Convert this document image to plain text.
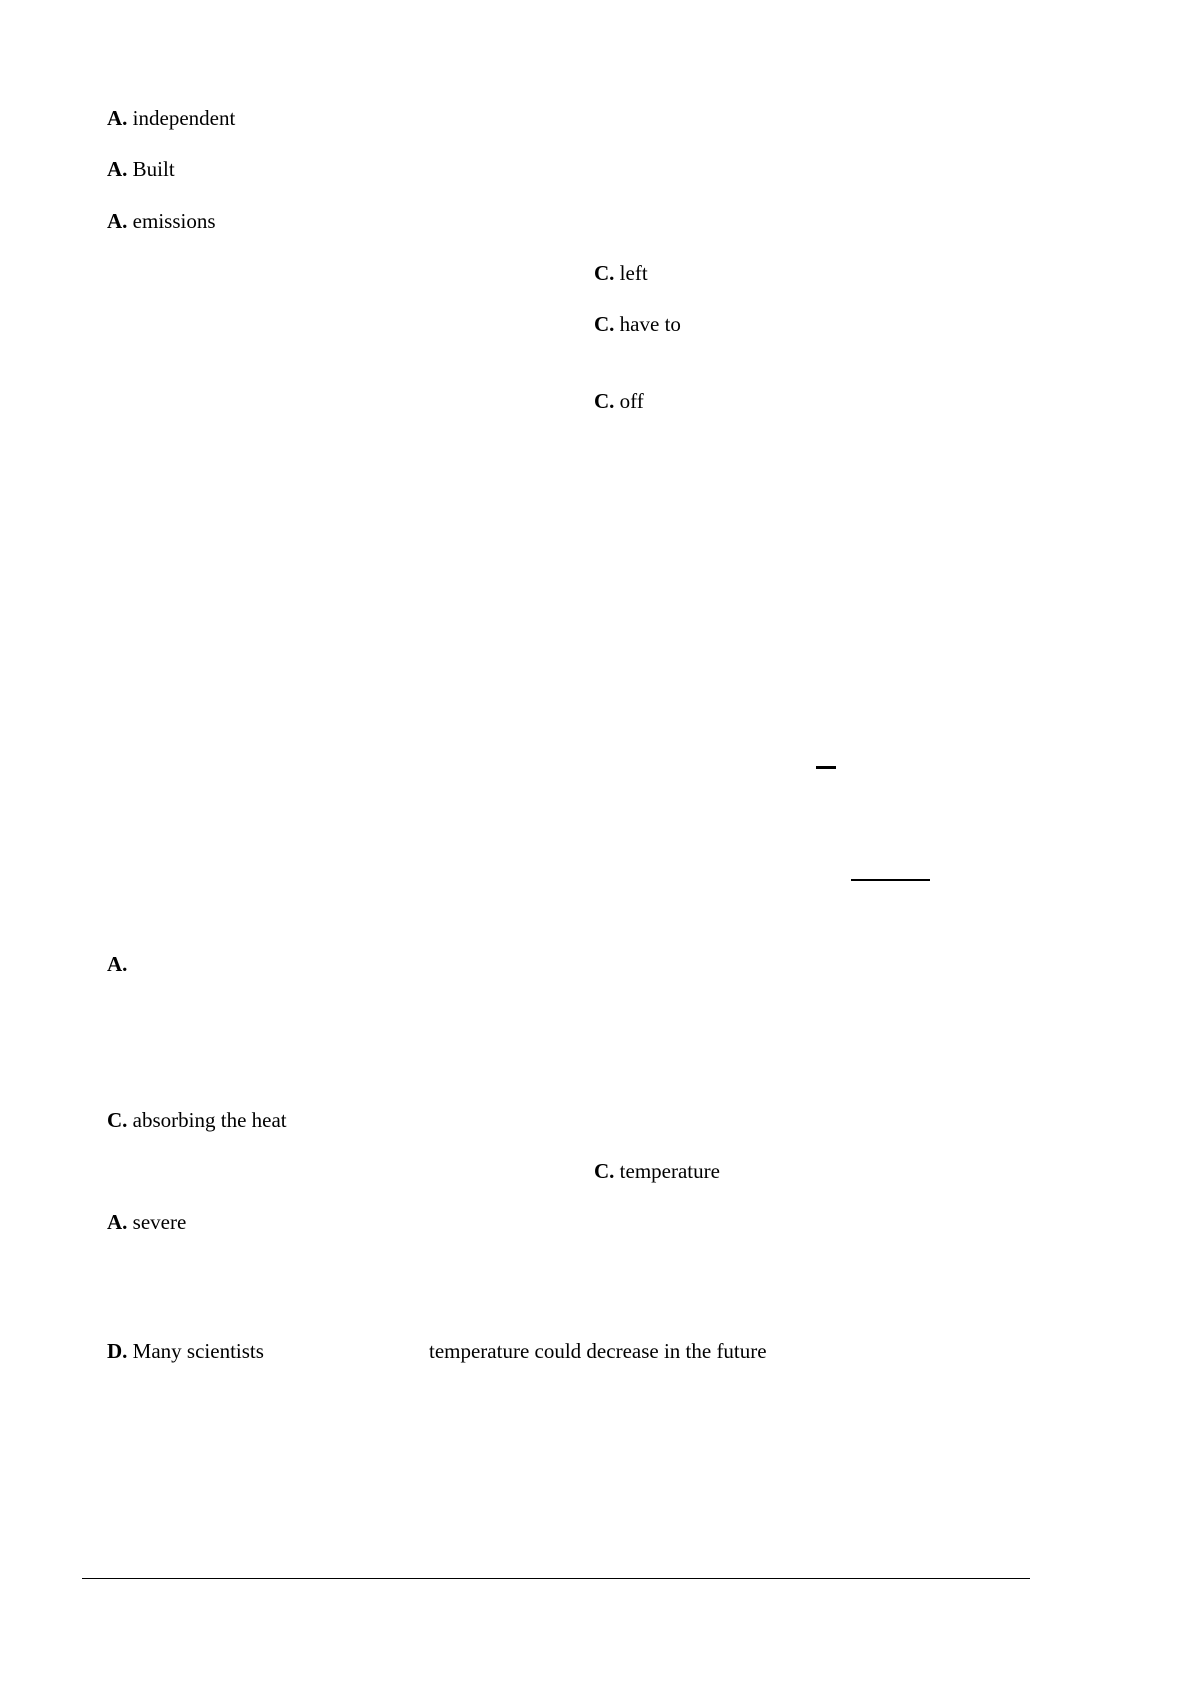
A. independent
A. Built
A. emissions
C. left
C. have to
C. off
A.
C. absorbing the heat
C. temperature
A. severe
D. Many scientists	temperature could decrease in the future
